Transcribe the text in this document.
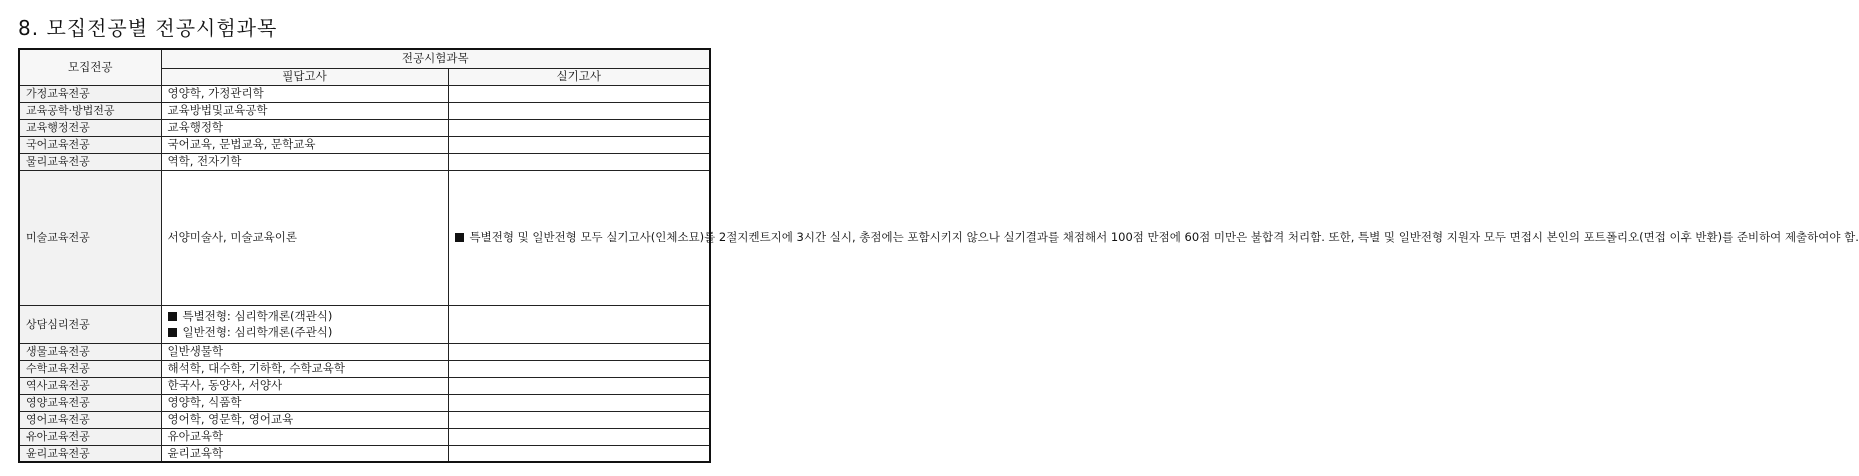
8. 모집전공별 전공시험과목
모집전공	전공시험과목	
	필답고사	실기고사
가정교육전공	영양학, 가정관리학	
교육공학·방법전공	교육방법및교육공학	
교육행정전공	교육행정학	
국어교육전공	국어교육, 문법교육, 문학교육	
물리교육전공	역학, 전자기학	
미술교육전공	서양미술사, 미술교육이론	특별전형 및 일반전형 모두 실기고사(인체소묘)를 2절지켄트지에 3시간 실시, 총점에는 포함시키지 않으나 실기결과를 채점해서 100점 만점에 60점 미만은 불합격 처리함. 또한, 특별 및 일반전형 지원자 모두 면접시 본인의 포트폴리오(면접 이후 반환)를 준비하여 제출하여야 함.
상담심리전공	특별전형: 심리학개론(객관식)
일반전형: 심리학개론(주관식)	

생물교육전공	일반생물학	
수학교육전공	해석학, 대수학, 기하학, 수학교육학	
역사교육전공	한국사, 동양사, 서양사	
영양교육전공	영양학, 식품학	
영어교육전공	영어학, 영문학, 영어교육	
유아교육전공	유아교육학	
윤리교육전공	윤리교육학	
